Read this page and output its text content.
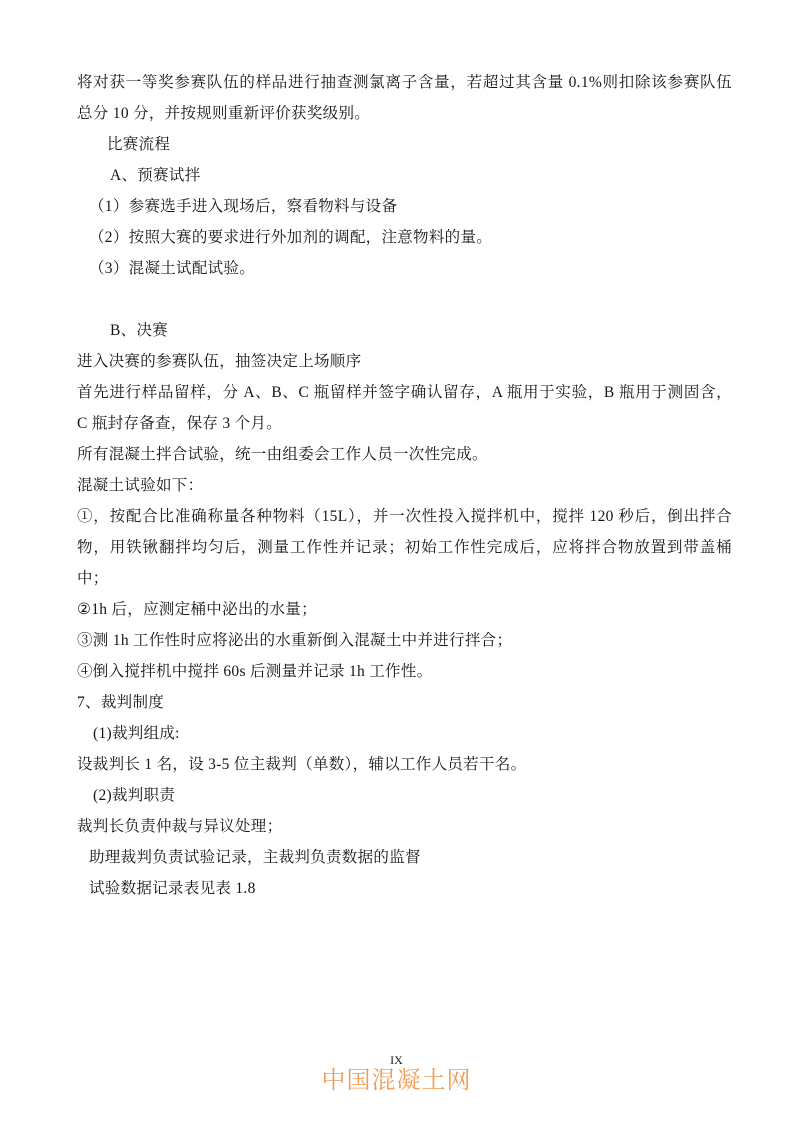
将对获一等奖参赛队伍的样品进行抽查测氯离子含量，若超过其含量 0.1%则扣除该参赛队伍
总分 10 分，并按规则重新评价获奖级别。
比赛流程
A、预赛试拌
（1）参赛选手进入现场后，察看物料与设备
（2）按照大赛的要求进行外加剂的调配，注意物料的量。
（3）混凝土试配试验。
B、决赛
进入决赛的参赛队伍，抽签决定上场顺序
首先进行样品留样，分 A、B、C 瓶留样并签字确认留存，A 瓶用于实验，B 瓶用于测固含，
C 瓶封存备查，保存 3 个月。
所有混凝土拌合试验，统一由组委会工作人员一次性完成。
混凝土试验如下：
①，按配合比准确称量各种物料（15L），并一次性投入搅拌机中，搅拌 120 秒后，倒出拌合
物，用铁锹翻拌均匀后，测量工作性并记录；初始工作性完成后，应将拌合物放置到带盖桶
中；
②1h 后，应测定桶中泌出的水量；
③测 1h 工作性时应将泌出的水重新倒入混凝土中并进行拌合；
④倒入搅拌机中搅拌 60s 后测量并记录 1h 工作性。
7、裁判制度
(1)裁判组成:
设裁判长 1 名，设 3-5 位主裁判（单数），辅以工作人员若干名。
(2)裁判职责
裁判长负责仲裁与异议处理；
助理裁判负责试验记录，主裁判负责数据的监督
试验数据记录表见表 1.8
IX
中国混凝土网
